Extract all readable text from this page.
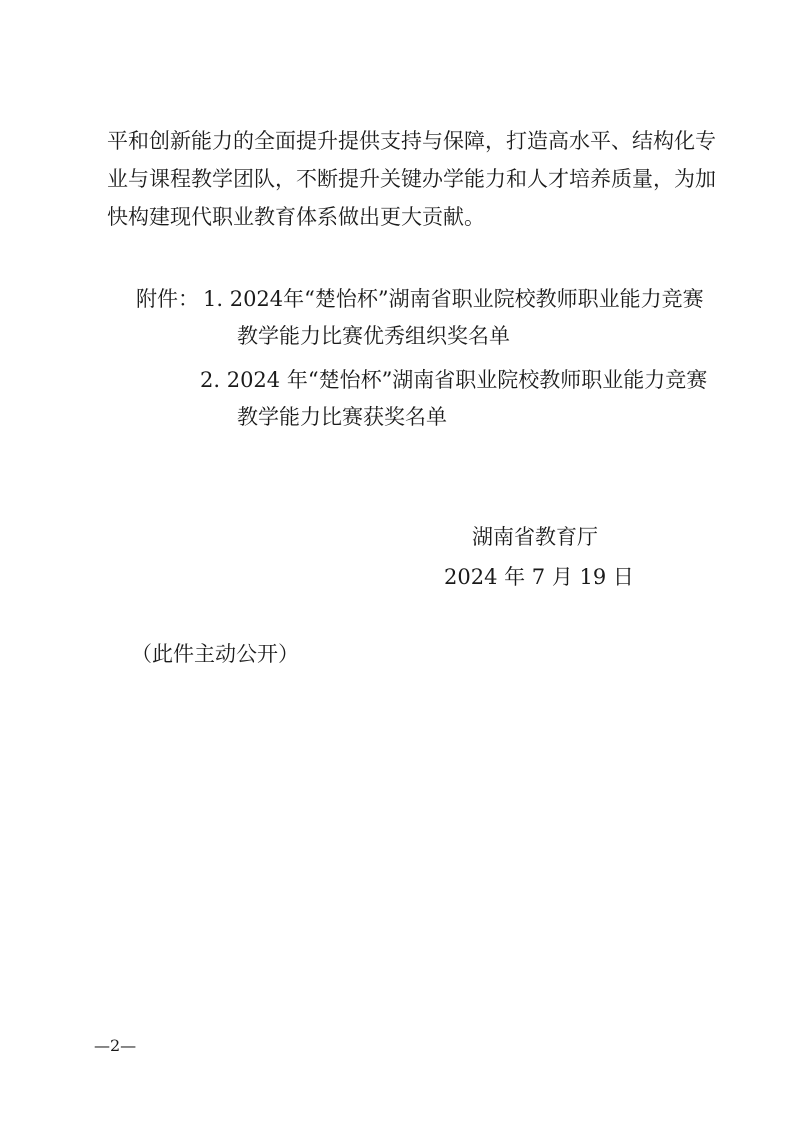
平和创新能力的全面提升提供支持与保障，打造高水平、结构化专
业与课程教学团队，不断提升关键办学能力和人才培养质量，为加
快构建现代职业教育体系做出更大贡献。
附件： 1. 2024年“楚怡杯”湖南省职业院校教师职业能力竞赛
教学能力比赛优秀组织奖名单
2. 2024 年“楚怡杯”湖南省职业院校教师职业能力竞赛
教学能力比赛获奖名单
湖南省教育厅
2024 年 7 月 19 日
（此件主动公开）
—2—
